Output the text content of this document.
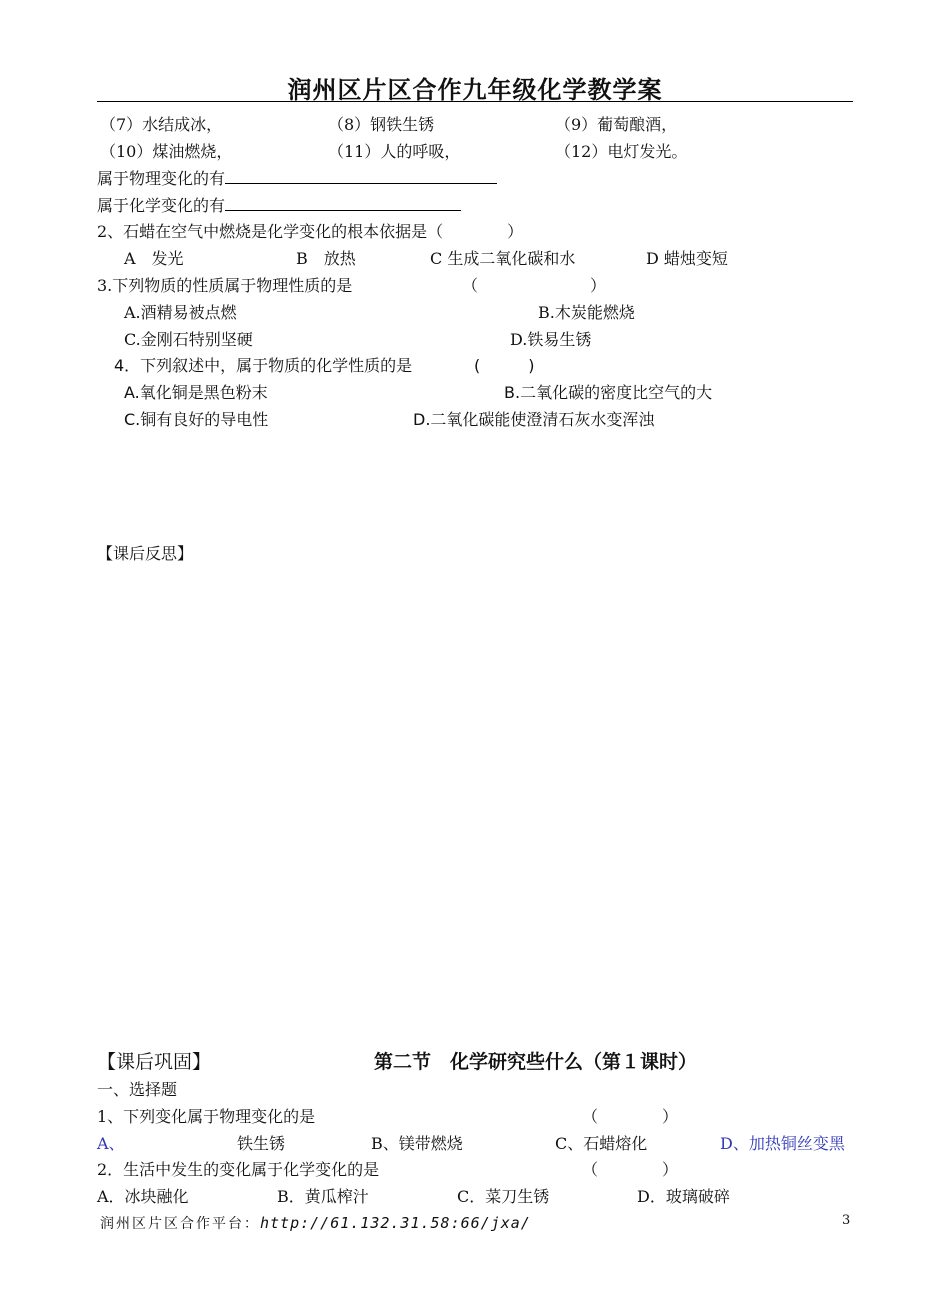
润州区片区合作九年级化学教学案
（7）水结成冰，	（8）钢铁生锈	（9）葡萄酿酒，
（10）煤油燃烧，	（11）人的呼吸，	（12）电灯发光。
属于物理变化的有
属于化学变化的有
2、石蜡在空气中燃烧是化学变化的根本依据是（　　　　）
A　发光	B　放热	C 生成二氧化碳和水	D 蜡烛变短
3.下列物质的性质属于物理性质的是	（　　　　　　　）
A.酒精易被点燃	B.木炭能燃烧
C.金刚石特别坚硬	D.铁易生锈
4．下列叙述中，属于物质的化学性质的是	(　　　)
A.氧化铜是黑色粉末	B.二氧化碳的密度比空气的大
C.铜有良好的导电性	D.二氧化碳能使澄清石灰水变浑浊
【课后反思】
【课后巩固】	第二节　化学研究些什么（第１课时）
一、选择题
1、下列变化属于物理变化的是	（　　　　）
A、	铁生锈	B、镁带燃烧	C、石蜡熔化	D、加热铜丝变黑
2．生活中发生的变化属于化学变化的是	（　　　　）
A．冰块融化	B．黄瓜榨汁	C．菜刀生锈	D．玻璃破碎
润州区片区合作平台：http://61.132.31.58:66/jxa/	3
